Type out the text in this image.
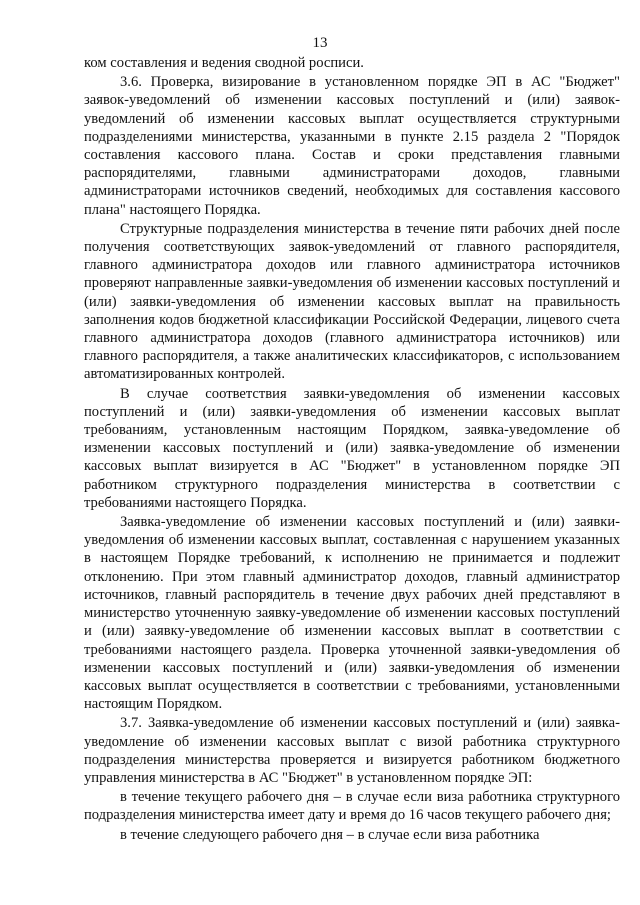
13

ком составления и ведения сводной росписи.

3.6. Проверка, визирование в установленном порядке ЭП в АС "Бюджет" заявок-уведомлений об изменении кассовых поступлений и (или) заявок-уведомлений об изменении кассовых выплат осуществляется структурными подразделениями министерства, указанными в пункте 2.15 раздела 2 "Порядок составления кассового плана. Состав и сроки представления главными распорядителями, главными администраторами доходов, главными администраторами источников сведений, необходимых для составления кассового плана" настоящего Порядка.

Структурные подразделения министерства в течение пяти рабочих дней после получения соответствующих заявок-уведомлений от главного распорядителя, главного администратора доходов или главного администратора источников проверяют направленные заявки-уведомления об изменении кассовых поступлений и (или) заявки-уведомления об изменении кассовых выплат на правильность заполнения кодов бюджетной классификации Российской Федерации, лицевого счета главного администратора доходов (главного администратора источников) или главного распорядителя, а также аналитических классификаторов, с использованием автоматизированных контролей.

В случае соответствия заявки-уведомления об изменении кассовых поступлений и (или) заявки-уведомления об изменении кассовых выплат требованиям, установленным настоящим Порядком, заявка-уведомление об изменении кассовых поступлений и (или) заявка-уведомление об изменении кассовых выплат визируется в АС "Бюджет" в установленном порядке ЭП работником структурного подразделения министерства в соответствии с требованиями настоящего Порядка.

Заявка-уведомление об изменении кассовых поступлений и (или) заявки-уведомления об изменении кассовых выплат, составленная с нарушением указанных в настоящем Порядке требований, к исполнению не принимается и подлежит отклонению. При этом главный администратор доходов, главный администратор источников, главный распорядитель в течение двух рабочих дней представляют в министерство уточненную заявку-уведомление об изменении кассовых поступлений и (или) заявку-уведомление об изменении кассовых выплат в соответствии с требованиями настоящего раздела. Проверка уточненной заявки-уведомления об изменении кассовых поступлений и (или) заявки-уведомления об изменении кассовых выплат осуществляется в соответствии с требованиями, установленными настоящим Порядком.

3.7. Заявка-уведомление об изменении кассовых поступлений и (или) заявка-уведомление об изменении кассовых выплат с визой работника структурного подразделения министерства проверяется и визируется работником бюджетного управления министерства в АС "Бюджет" в установленном порядке ЭП:

в течение текущего рабочего дня – в случае если виза работника структурного подразделения министерства имеет дату и время до 16 часов текущего рабочего дня;

в течение следующего рабочего дня – в случае если виза работника
